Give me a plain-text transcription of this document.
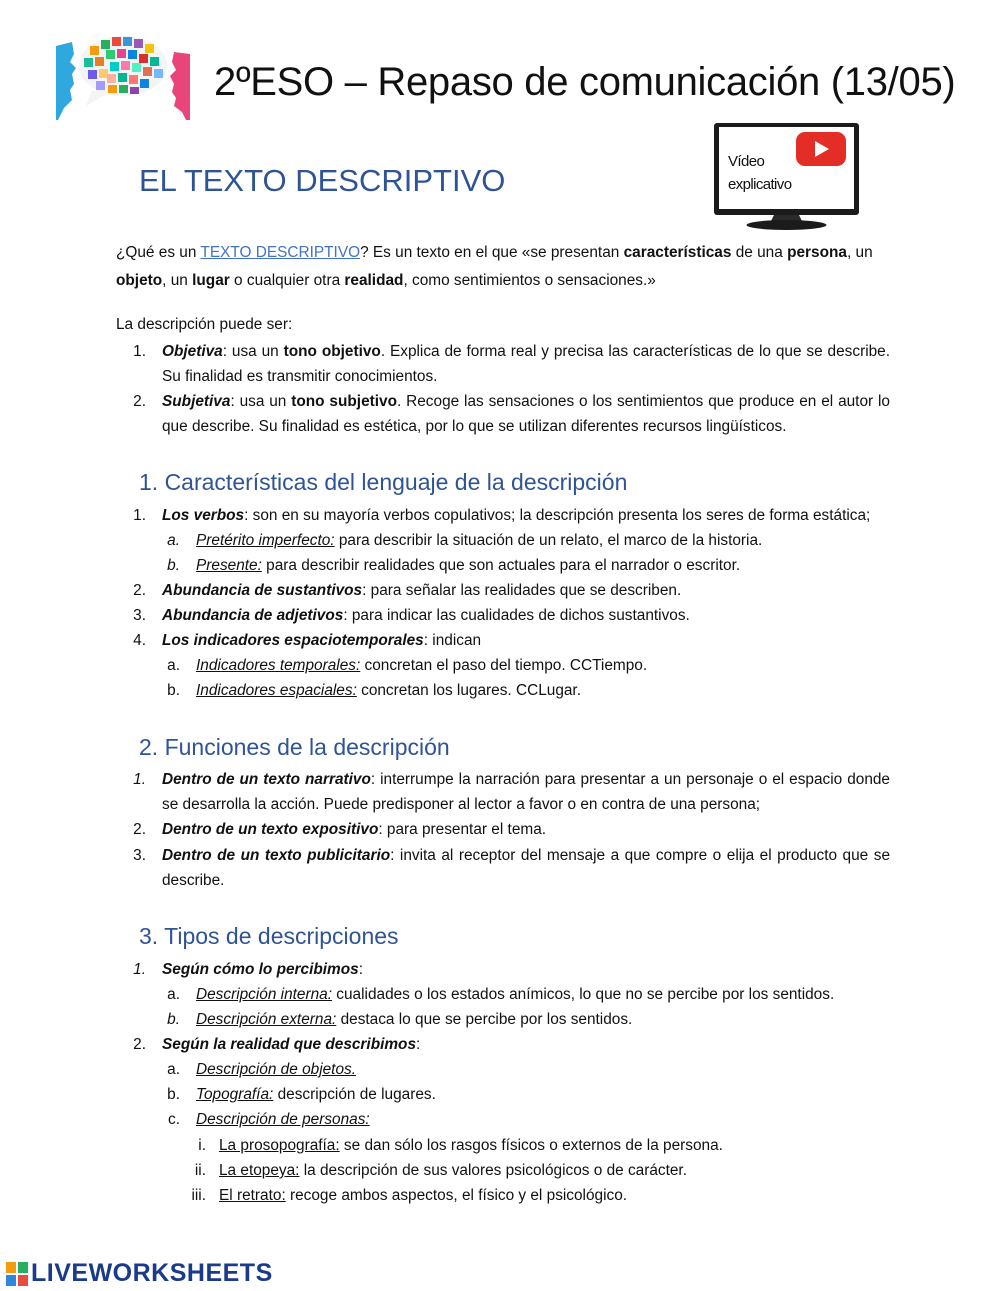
2ºESO – Repaso de comunicación (13/05)
EL TEXTO DESCRIPTIVO
Vídeo
explicativo
¿Qué es un TEXTO DESCRIPTIVO? Es un texto en el que «se presentan características de una persona, un objeto, un lugar o cualquier otra realidad, como sentimientos o sensaciones.»
La descripción puede ser:
1. Objetiva: usa un tono objetivo. Explica de forma real y precisa las características de lo que se describe. Su finalidad es transmitir conocimientos.
2. Subjetiva: usa un tono subjetivo. Recoge las sensaciones o los sentimientos que produce en el autor lo que describe. Su finalidad es estética, por lo que se utilizan diferentes recursos lingüísticos.
1. Características del lenguaje de la descripción
1. Los verbos: son en su mayoría verbos copulativos; la descripción presenta los seres de forma estática;
a. Pretérito imperfecto: para describir la situación de un relato, el marco de la historia.
b. Presente: para describir realidades que son actuales para el narrador o escritor.
2. Abundancia de sustantivos: para señalar las realidades que se describen.
3. Abundancia de adjetivos: para indicar las cualidades de dichos sustantivos.
4. Los indicadores espaciotemporales: indican
a. Indicadores temporales: concretan el paso del tiempo. CCTiempo.
b. Indicadores espaciales: concretan los lugares. CCLugar.
2. Funciones de la descripción
1. Dentro de un texto narrativo: interrumpe la narración para presentar a un personaje o el espacio donde se desarrolla la acción. Puede predisponer al lector a favor o en contra de una persona;
2. Dentro de un texto expositivo: para presentar el tema.
3. Dentro de un texto publicitario: invita al receptor del mensaje a que compre o elija el producto que se describe.
3. Tipos de descripciones
1. Según cómo lo percibimos:
a. Descripción interna: cualidades o los estados anímicos, lo que no se percibe por los sentidos.
b. Descripción externa: destaca lo que se percibe por los sentidos.
2. Según la realidad que describimos:
a. Descripción de objetos.
b. Topografía: descripción de lugares.
c. Descripción de personas:
i. La prosopografía: se dan sólo los rasgos físicos o externos de la persona.
ii. La etopeya: la descripción de sus valores psicológicos o de carácter.
iii. El retrato: recoge ambos aspectos, el físico y el psicológico.
LIVEWORKSHEETS
